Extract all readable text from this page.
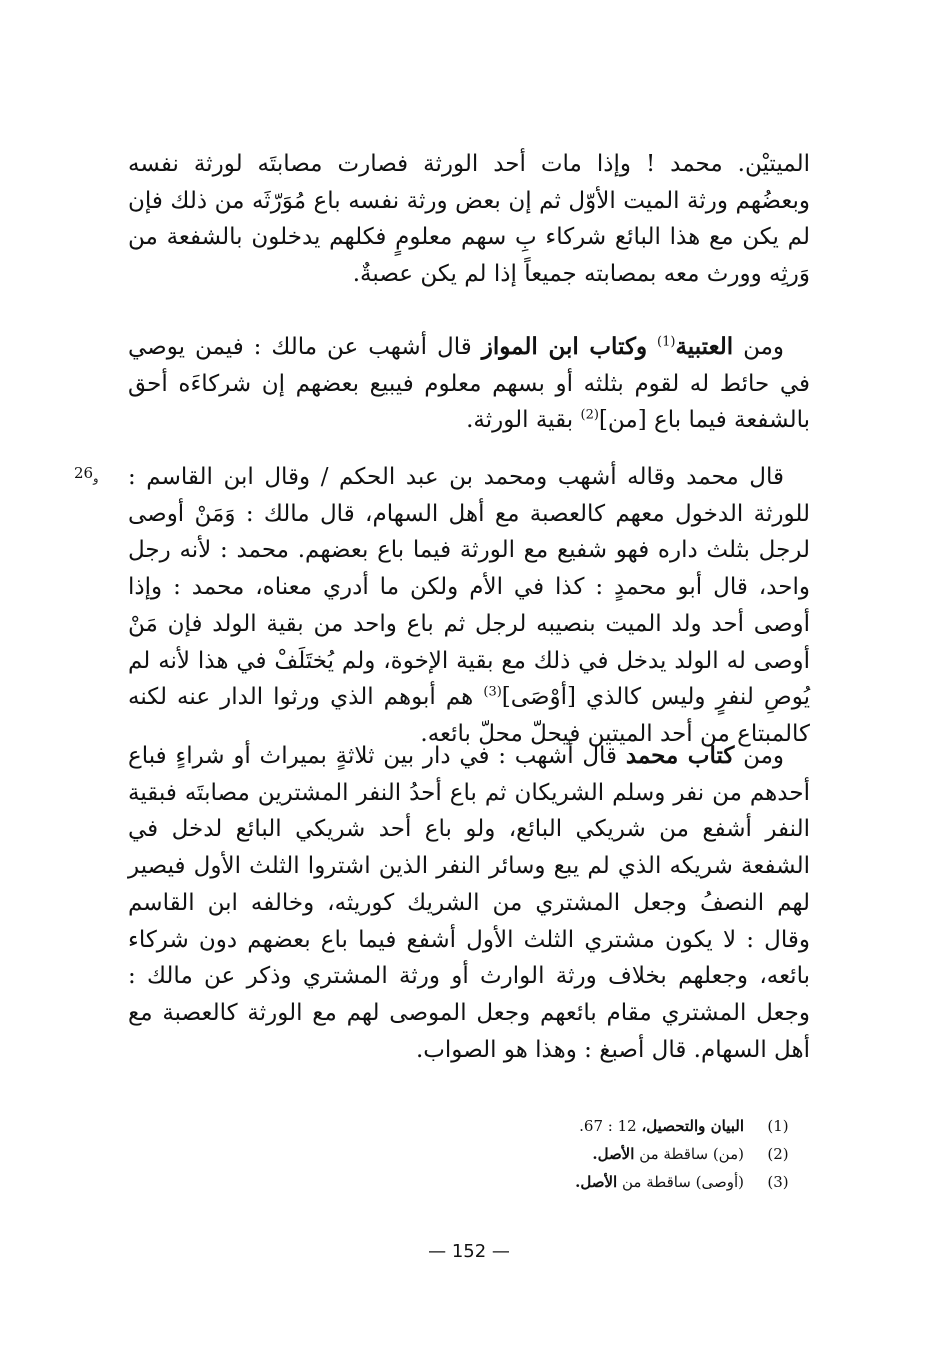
$26_و$

الميتيْن. محمد ! وإذا مات أحد الورثة فصارت مصابتَه لورثة نفسه وبعضُهم ورثة الميت الأوّل ثم إن بعض ورثة نفسه باع مُوَرّثَه من ذلك فإن لم يكن مع هذا البائع شركاء بِ سهم معلومٍ فكلهم يدخلون بالشفعة من وَرثِه وورث معه بمصابته جميعاً إذا لم يكن عصبةٌ.

ومن العتبية$^{(1)}$ وكتاب ابن المواز قال أشهب عن مالك : فيمن يوصي في حائط له لقوم بثلثه أو بسهم معلوم فيبيع بعضهم إن شركاءَه أحق بالشفعة فيما باع [من]$^{(2)}$ بقية الورثة.

قال محمد وقاله أشهب ومحمد بن عبد الحكم / وقال ابن القاسم : للورثة الدخول معهم كالعصبة مع أهل السهام، قال مالك : وَمَنْ أوصى لرجل بثلث داره فهو شفيع مع الورثة فيما باع بعضهم. محمد : لأنه رجل واحد، قال أبو محمدٍ : كذا في الأم ولكن ما أدري معناه، محمد : وإذا أوصى أحد ولد الميت بنصيبه لرجل ثم باع واحد من بقية الولد فإن مَنْ أوصى له الولد يدخل في ذلك مع بقية الإخوة، ولم يُختَلَفْ في هذا لأنه لم يُوصِ لنفرٍ وليس كالذي [أوْصَى]$^{(3)}$ هم أبوهم الذي ورثوا الدار عنه لكنه كالمبتاع من أحد الميتين فيحلّ محلّ بائعه.

ومن كتاب محمد قال أشهب : في دار بين ثلاثةٍ بميراث أو شراءٍ فباع أحدهم من نفر وسلم الشريكان ثم باع أحدُ النفر المشترين مصابتَه فبقية النفر أشفع من شريكي البائع، ولو باع أحد شريكي البائع لدخل في الشفعة شريكه الذي لم يبع وسائر النفر الذين اشتروا الثلث الأول فيصير لهم النصفُ وجعل المشتري من الشريك كوريثه، وخالفه ابن القاسم وقال : لا يكون مشتري الثلث الأول أشفع فيما باع بعضهم دون شركاء بائعه، وجعلهم بخلاف ورثة الوارث أو ورثة المشتري وذكر عن مالك : وجعل المشتري مقام بائعهم وجعل الموصى لهم مع الورثة كالعصبة مع أهل السهام. قال أصبغ : وهذا هو الصواب.

(1)
البيان والتحصيل، 12 : 67.
(2)
(من) ساقطة من الأصل.
(3)
(أوصى) ساقطة من الأصل.
— 152 —
